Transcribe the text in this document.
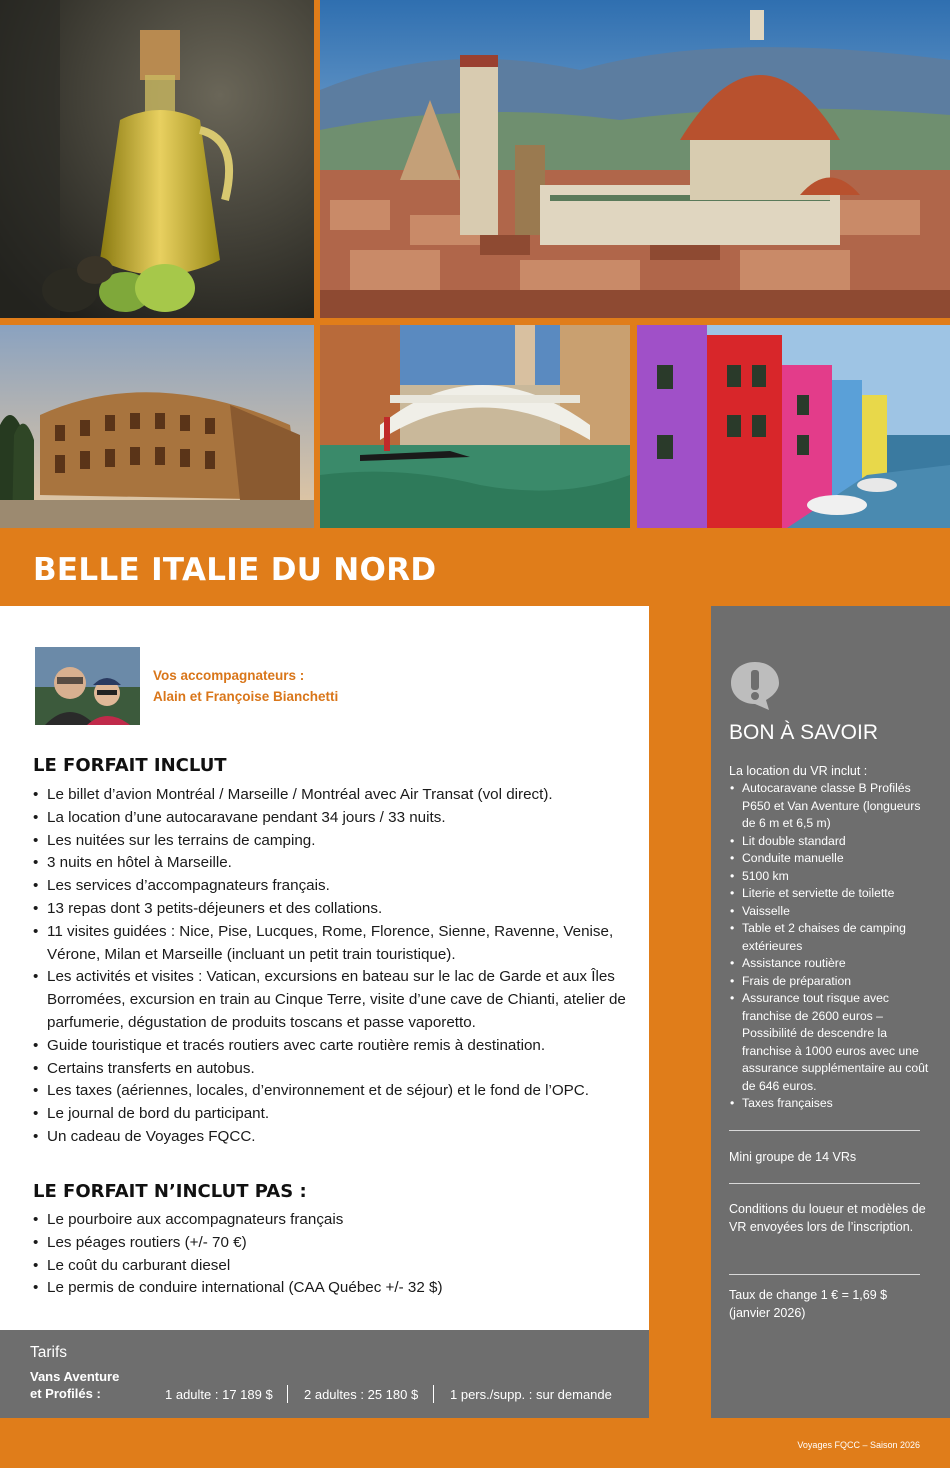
BELLE ITALIE DU NORD
Vos accompagnateurs :
Alain et Françoise Bianchetti
LE FORFAIT INCLUT
• Le billet d’avion Montréal / Marseille / Montréal avec Air Transat (vol direct).
• La location d’une autocaravane pendant 34 jours / 33 nuits.
• Les nuitées sur les terrains de camping.
• 3 nuits en hôtel à Marseille.
• Les services d’accompagnateurs français.
• 13 repas dont 3 petits-déjeuners et des collations.
• 11 visites guidées : Nice, Pise, Lucques, Rome, Florence, Sienne, Ravenne, Venise, Vérone, Milan et Marseille (incluant un petit train touristique).
• Les activités et visites : Vatican, excursions en bateau sur le lac de Garde et aux Îles Borromées, excursion en train au Cinque Terre, visite d’une cave de Chianti, atelier de parfumerie, dégustation de produits toscans et passe vaporetto.
• Guide touristique et tracés routiers avec carte routière remis à destination.
• Certains transferts en autobus.
• Les taxes (aériennes, locales, d’environnement et de séjour) et le fond de l’OPC.
• Le journal de bord du participant.
• Un cadeau de Voyages FQCC.
LE FORFAIT N’INCLUT PAS :
• Le pourboire aux accompagnateurs français
• Les péages routiers (+/- 70 €)
• Le coût du carburant diesel
• Le permis de conduire international (CAA Québec +/- 32 $)
Tarifs
Vans Aventure
et Profilés :	1 adulte : 17 189 $ 2 adultes : 25 180 $ 1 pers./supp. : sur demande
BON À SAVOIR
La location du VR inclut :
• Autocaravane classe B Profilés P650 et Van Aventure (longueurs de 6 m et 6,5 m)
• Lit double standard
• Conduite manuelle
• 5100 km
• Literie et serviette de toilette
• Vaisselle
• Table et 2 chaises de camping extérieures
• Assistance routière
• Frais de préparation
• Assurance tout risque avec franchise de 2600 euros – Possibilité de descendre la franchise à 1000 euros avec une assurance supplémentaire au coût de 646 euros.
• Taxes françaises
Mini groupe de 14 VRs
Conditions du loueur et modèles de VR envoyées lors de l’inscription.
Taux de change 1 € = 1,69 $ (janvier 2026)
Voyages FQCC – Saison 2026
